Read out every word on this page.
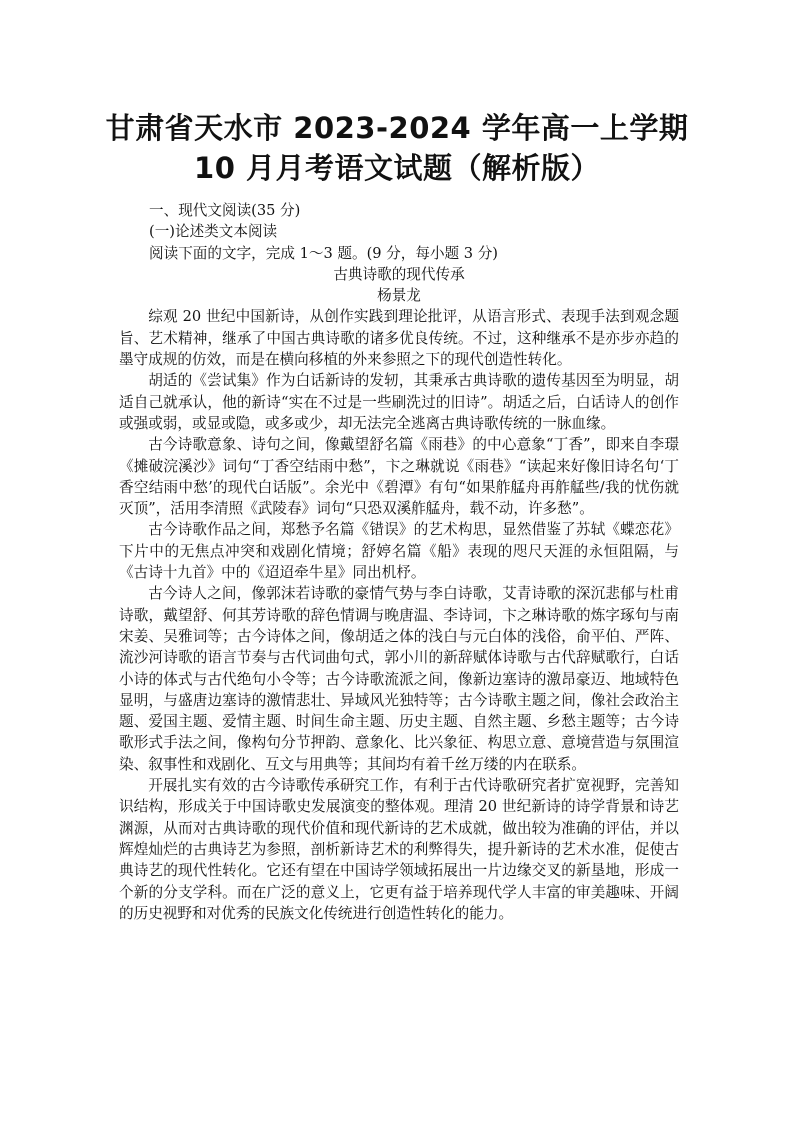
甘肃省天水市 2023-2024 学年高一上学期
10 月月考语文试题（解析版）

一、现代文阅读(35 分)

(一)论述类文本阅读

阅读下面的文字，完成 1～3 题。(9 分，每小题 3 分)

古典诗歌的现代传承

杨景龙

综观 20 世纪中国新诗，从创作实践到理论批评，从语言形式、表现手法到观念题旨、艺术精神，继承了中国古典诗歌的诸多优良传统。不过，这种继承不是亦步亦趋的墨守成规的仿效，而是在横向移植的外来参照之下的现代创造性转化。

胡适的《尝试集》作为白话新诗的发轫，其秉承古典诗歌的遗传基因至为明显，胡适自己就承认，他的新诗“实在不过是一些刷洗过的旧诗”。胡适之后，白话诗人的创作或强或弱，或显或隐，或多或少，却无法完全逃离古典诗歌传统的一脉血缘。

古今诗歌意象、诗句之间，像戴望舒名篇《雨巷》的中心意象“丁香”，即来自李璟《摊破浣溪沙》词句“丁香空结雨中愁”，卞之琳就说《雨巷》“读起来好像旧诗名句‘丁香空结雨中愁’的现代白话版”。余光中《碧潭》有句“如果舴艋舟再舴艋些/我的忧伤就灭顶”，活用李清照《武陵春》词句“只恐双溪舴艋舟，载不动，许多愁”。

古今诗歌作品之间，郑愁予名篇《错误》的艺术构思，显然借鉴了苏轼《蝶恋花》下片中的无焦点冲突和戏剧化情境；舒婷名篇《船》表现的咫尺天涯的永恒阻隔，与《古诗十九首》中的《迢迢牵牛星》同出机杼。

古今诗人之间，像郭沫若诗歌的豪情气势与李白诗歌，艾青诗歌的深沉悲郁与杜甫诗歌，戴望舒、何其芳诗歌的辞色情调与晚唐温、李诗词，卞之琳诗歌的炼字琢句与南宋姜、吴雅词等；古今诗体之间，像胡适之体的浅白与元白体的浅俗，俞平伯、严阵、流沙河诗歌的语言节奏与古代词曲句式，郭小川的新辞赋体诗歌与古代辞赋歌行，白话小诗的体式与古代绝句小令等；古今诗歌流派之间，像新边塞诗的激昂豪迈、地域特色显明，与盛唐边塞诗的激情悲壮、异域风光独特等；古今诗歌主题之间，像社会政治主题、爱国主题、爱情主题、时间生命主题、历史主题、自然主题、乡愁主题等；古今诗歌形式手法之间，像构句分节押韵、意象化、比兴象征、构思立意、意境营造与氛围渲染、叙事性和戏剧化、互文与用典等；其间均有着千丝万缕的内在联系。

开展扎实有效的古今诗歌传承研究工作，有利于古代诗歌研究者扩宽视野，完善知识结构，形成关于中国诗歌史发展演变的整体观。理清 20 世纪新诗的诗学背景和诗艺渊源，从而对古典诗歌的现代价值和现代新诗的艺术成就，做出较为准确的评估，并以辉煌灿烂的古典诗艺为参照，剖析新诗艺术的利弊得失，提升新诗的艺术水准，促使古典诗艺的现代性转化。它还有望在中国诗学领域拓展出一片边缘交叉的新垦地，形成一个新的分支学科。而在广泛的意义上，它更有益于培养现代学人丰富的审美趣味、开阔的历史视野和对优秀的民族文化传统进行创造性转化的能力。
